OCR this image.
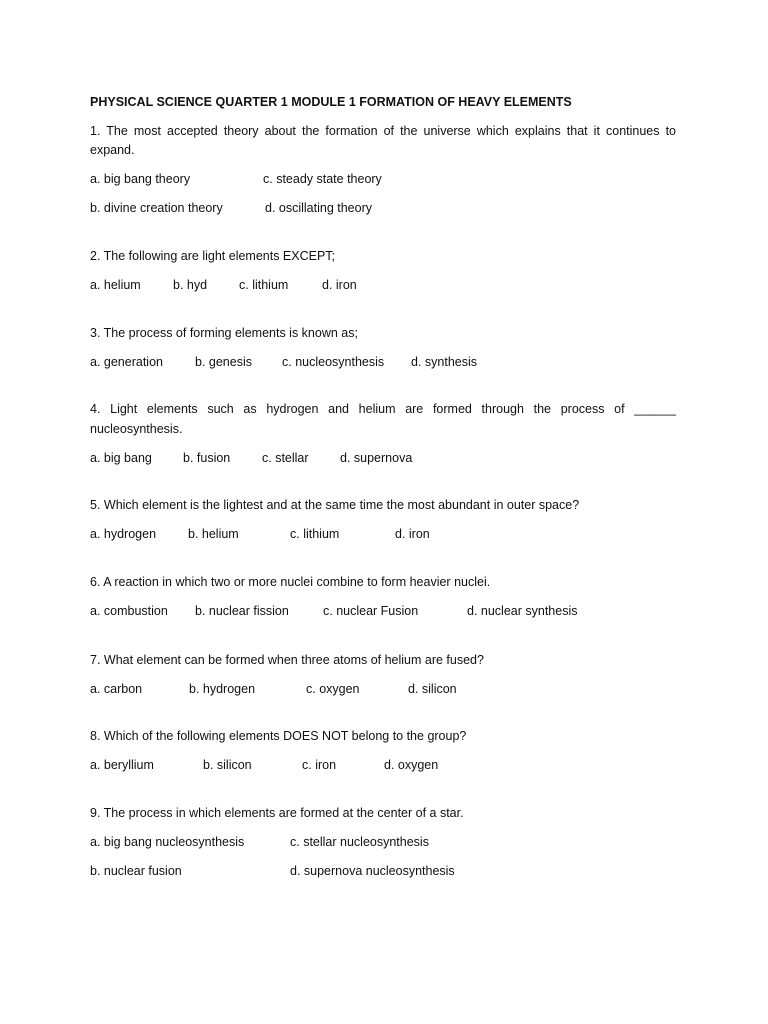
PHYSICAL SCIENCE QUARTER 1 MODULE 1 FORMATION OF HEAVY ELEMENTS
1. The most accepted theory about the formation of the universe which explains that it continues to
expand.
a. big bang theory	c. steady state theory
b. divine creation theory	d. oscillating theory
2. The following are light elements EXCEPT;
a. helium	b. hyd	c. lithium	d. iron
3. The process of forming elements is known as;
a. generation	b. genesis c. nucleosynthesis d. synthesis
4. Light elements such as hydrogen and helium are formed through the process of ______
nucleosynthesis.
a. big bang b. fusion	c. stellar	d. supernova
5. Which element is the lightest and at the same time the most abundant in outer space?
a. hydrogen	b. helium	c. lithium	d. iron
6. A reaction in which two or more nuclei combine to form heavier nuclei.
a. combustion b. nuclear fission	c. nuclear Fusion	d. nuclear synthesis
7. What element can be formed when three atoms of helium are fused?
a. carbon	b. hydrogen	c. oxygen	d. silicon
8. Which of the following elements DOES NOT belong to the group?
a. beryllium	b. silicon	c. iron	d. oxygen
9. The process in which elements are formed at the center of a star.
a. big bang nucleosynthesis	c. stellar nucleosynthesis
b. nuclear fusion	d. supernova nucleosynthesis
